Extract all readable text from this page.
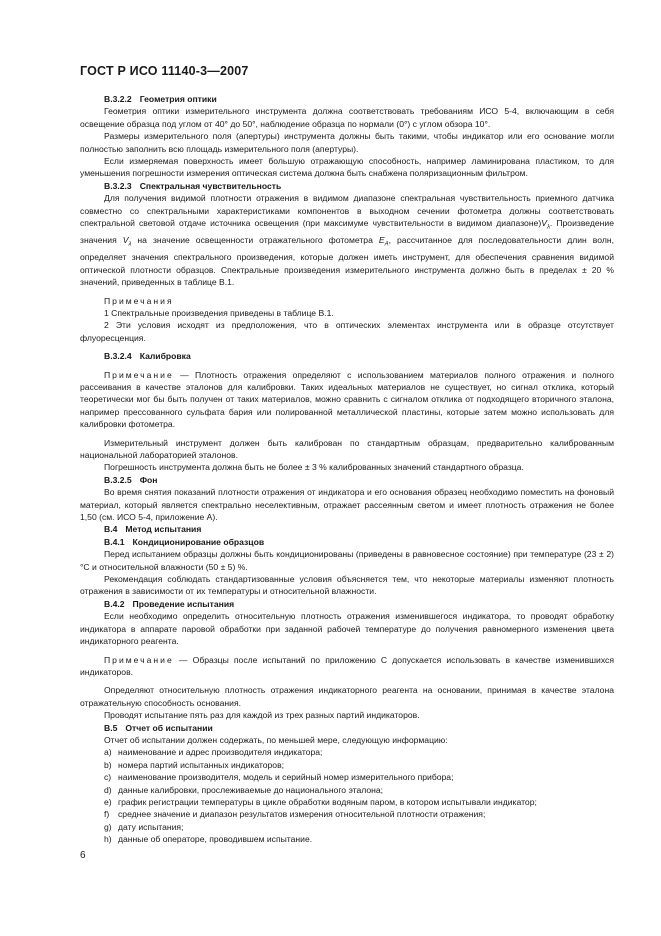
ГОСТ Р ИСО 11140-3—2007

В.3.2.2 Геометрия оптики

Геометрия оптики измерительного инструмента должна соответствовать требованиям ИСО 5-4, включающим в себя освещение образца под углом от 40° до 50°, наблюдение образца по нормали (0°) с углом обзора 10°.

Размеры измерительного поля (апертуры) инструмента должны быть такими, чтобы индикатор или его основание могли полностью заполнить всю площадь измерительного поля (апертуры).

Если измеряемая поверхность имеет большую отражающую способность, например ламинирована пластиком, то для уменьшения погрешности измерения оптическая система должна быть снабжена поляризационным фильтром.

В.3.2.3 Спектральная чувствительность

Для получения видимой плотности отражения в видимом диапазоне спектральная чувствительность приемного датчика совместно со спектральными характеристиками компонентов в выходном сечении фотометра должны соответствовать спектральной световой отдаче источника освещения (при максимуме чувствительности в видимом $диапазоне)V_\lambda$. Произведение значения $V_\lambda$ на значение освещенности отражательного фотометра $E_A$, рассчитанное для последовательности длин волн, определяет значения спектрального произведения, которые должен иметь инструмент, для обеспечения сравнения видимой оптической плотности образцов. Спектральные произведения измерительного инструмента должно быть в пределах ± 20 % значений, приведенных в таблице В.1.

Примечания

1 Спектральные произведения приведены в таблице В.1.

2 Эти условия исходят из предположения, что в оптических элементах инструмента или в образце отсутствует флуоресценция.

В.3.2.4 Калибровка

Примечание — Плотность отражения определяют с использованием материалов полного отражения и полного рассеивания в качестве эталонов для калибровки. Таких идеальных материалов не существует, но сигнал отклика, который теоретически мог бы быть получен от таких материалов, можно сравнить с сигналом отклика от подходящего вторичного эталона, например прессованного сульфата бария или полированной металлической пластины, которые затем можно использовать для калибровки фотометра.

Измерительный инструмент должен быть калиброван по стандартным образцам, предварительно калиброванным национальной лабораторией эталонов.

Погрешность инструмента должна быть не более ± 3 % калиброванных значений стандартного образца.

В.3.2.5 Фон

Во время снятия показаний плотности отражения от индикатора и его основания образец необходимо поместить на фоновый материал, который является спектрально неселективным, отражает рассеянным светом и имеет плотность отражения не более 1,50 (см. ИСО 5-4, приложение А).

В.4 Метод испытания

В.4.1 Кондиционирование образцов

Перед испытанием образцы должны быть кондиционированы (приведены в равновесное состояние) при температуре (23 ± 2) °С и относительной влажности (50 ± 5) %.

Рекомендация соблюдать стандартизованные условия объясняется тем, что некоторые материалы изменяют плотность отражения в зависимости от их температуры и относительной влажности.

В.4.2 Проведение испытания

Если необходимо определить относительную плотность отражения изменившегося индикатора, то проводят обработку индикатора в аппарате паровой обработки при заданной рабочей температуре до получения равномерного изменения цвета индикаторного реагента.

Примечание — Образцы после испытаний по приложению С допускается использовать в качестве изменившихся индикаторов.

Определяют относительную плотность отражения индикаторного реагента на основании, принимая в качестве эталона отражательную способность основания.

Проводят испытание пять раз для каждой из трех разных партий индикаторов.

В.5 Отчет об испытании

Отчет об испытании должен содержать, по меньшей мере, следующую информацию:

a) наименование и адрес производителя индикатора;

b) номера партий испытанных индикаторов;

c) наименование производителя, модель и серийный номер измерительного прибора;

d) данные калибровки, прослеживаемые до национального эталона;

e) график регистрации температуры в цикле обработки водяным паром, в котором испытывали индикатор;

f) среднее значение и диапазон результатов измерения относительной плотности отражения;

g) дату испытания;

h) данные об операторе, проводившем испытание.

6
